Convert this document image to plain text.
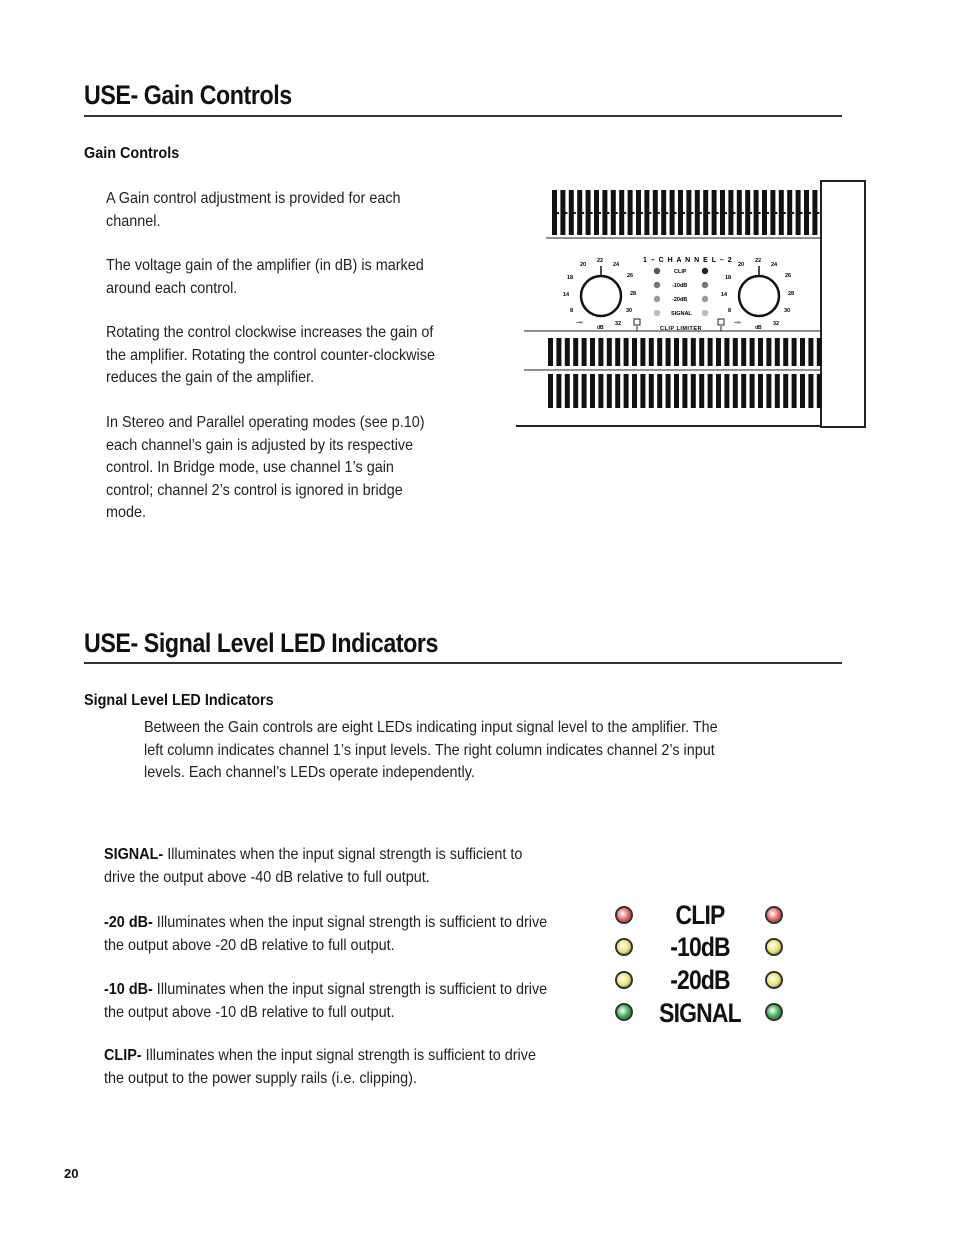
USE- Gain Controls
Gain Controls

A Gain control adjustment is provided for each channel.

The voltage gain of the amplifier (in dB) is marked around each control.

Rotating the control clockwise increases the gain of the amplifier. Rotating the control counter-clockwise reduces the gain of the amplifier.

In Stereo and Parallel operating modes (see p.10) each channel’s gain is adjusted by its respective control. In Bridge mode, use channel 1’s gain control; channel 2’s control is ignored in bridge mode.

20
22
24
26
18
28
14
30
8
32
–∞
dB
20
22
24
26
18
28
14
30
8
32
–∞
dB
1 – C H A N N E L – 2
CLIP
-10dB
-20dB
SIGNAL
CLIP LIMITER
USE- Signal Level LED Indicators
Signal Level LED Indicators

Between the Gain controls are eight LEDs indicating input signal level to the amplifier. The left column indicates channel 1’s input levels. The right column indicates channel 2’s input levels. Each channel’s LEDs operate independently.

SIGNAL- Illuminates when the input signal strength is sufficient to drive the output above -40 dB relative to full output.

-20 dB- Illuminates when the input signal strength is sufficient to drive the output above -20 dB relative to full output.

-10 dB- Illuminates when the input signal strength is sufficient to drive the output above -10 dB relative to full output.

CLIP- Illuminates when the input signal strength is sufficient to drive the output to the power supply rails (i.e. clipping).

CLIP
-10dB
-20dB
SIGNAL
20
